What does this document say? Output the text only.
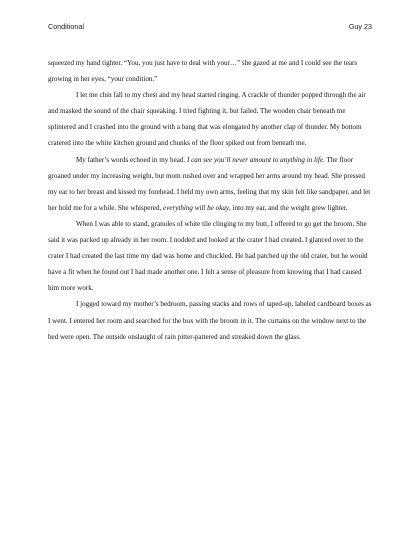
Conditional	Guy 23

squeezed my hand tighter. “You, you just have to deal with your…” she gazed at me and I could see the tears growing in her eyes, “your condition.”

I let me chin fall to my chest and my head started ringing. A crackle of thunder popped through the air and masked the sound of the chair squeaking. I tried fighting it, but failed. The wooden chair beneath me splintered and I crashed into the ground with a bang that was elongated by another clap of thunder. My bottom cratered into the white kitchen ground and chunks of the floor spiked out from beneath me.

My father’s words echoed in my head. I can see you’ll never amount to anything in life. The floor groaned under my increasing weight, but mom rushed over and wrapped her arms around my head. She pressed my ear to her breast and kissed my forehead. I held my own arms, feeling that my skin felt like sandpaper, and let her hold me for a while. She whispered, everything will be okay, into my ear, and the weight grew lighter.

When I was able to stand, granules of white tile clinging to my butt, I offered to go get the broom. She said it was packed up already in her room. I nodded and looked at the crater I had created. I glanced over to the crater I had created the last time my dad was home and chuckled. He had patched up the old crater, but he would have a fit when he found out I had made another one. I felt a sense of pleasure from knowing that I had caused him more work.

I jogged toward my mother’s bedroom, passing stacks and rows of taped-up, labeled cardboard boxes as I went. I entered her room and searched for the box with the broom in it. The curtains on the window next to the bed were open. The outside onslaught of rain pitter-pattered and streaked down the glass.
